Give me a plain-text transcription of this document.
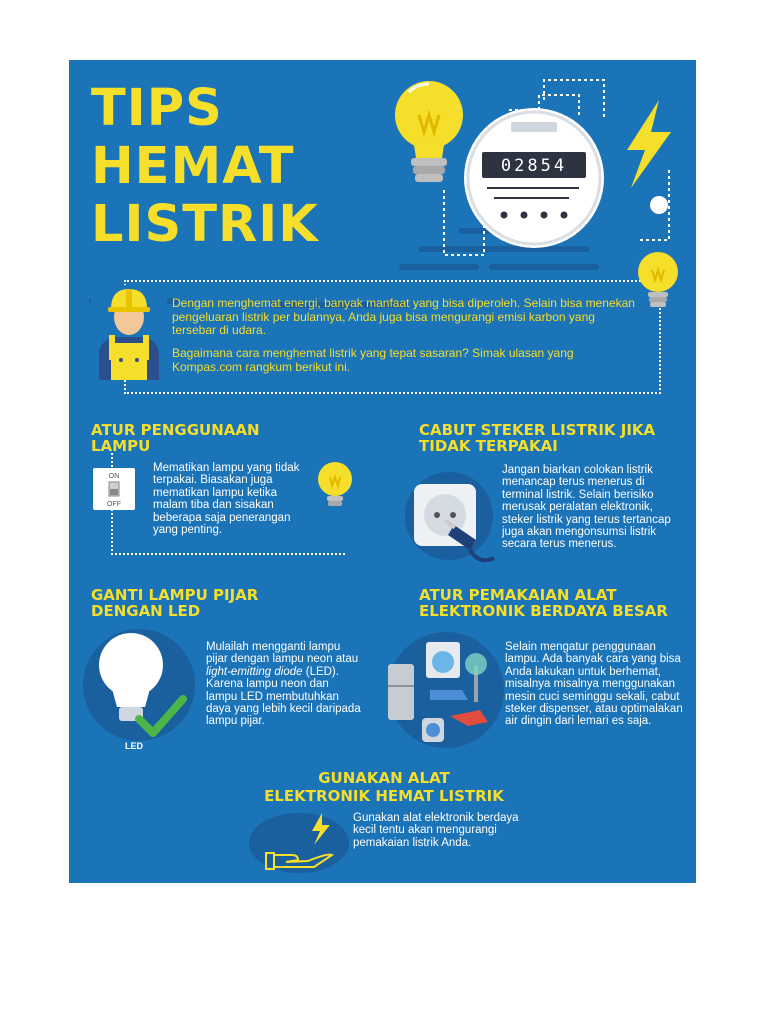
TIPS
HEMAT
LISTRIK
02854
Dengan menghemat energi, banyak manfaat yang bisa diperoleh. Selain bisa menekan pengeluaran listrik per bulannya, Anda juga bisa mengurangi emisi karbon yang tersebar di udara.
Bagaimana cara menghemat listrik yang tepat sasaran? Simak ulasan yang Kompas.com rangkum berikut ini.
ATUR PENGGUNAAN LAMPU
ON
OFF
Mematikan lampu yang tidak terpakai. Biasakan juga mematikan lampu ketika malam tiba dan sisakan beberapa saja penerangan yang penting.
CABUT STEKER LISTRIK JIKA TIDAK TERPAKAI
Jangan biarkan colokan listrik menancap terus menerus di terminal listrik. Selain berisiko merusak peralatan elektronik, steker listrik yang terus tertancap juga akan mengonsumsi listrik secara terus menerus.
GANTI LAMPU PIJAR DENGAN LED
LED
Mulailah mengganti lampu pijar dengan lampu neon atau light-emitting diode (LED). Karena lampu neon dan lampu LED membutuhkan daya yang lebih kecil daripada lampu pijar.
ATUR PEMAKAIAN ALAT ELEKTRONIK BERDAYA BESAR
Selain mengatur penggunaan lampu. Ada banyak cara yang bisa Anda lakukan untuk berhemat, misalnya misalnya menggunakan mesin cuci seminggu sekali, cabut steker dispenser, atau optimalakan air dingin dari lemari es saja.
GUNAKAN ALAT
ELEKTRONIK HEMAT LISTRIK
Gunakan alat elektronik berdaya kecil tentu akan mengurangi pemakaian listrik Anda.
